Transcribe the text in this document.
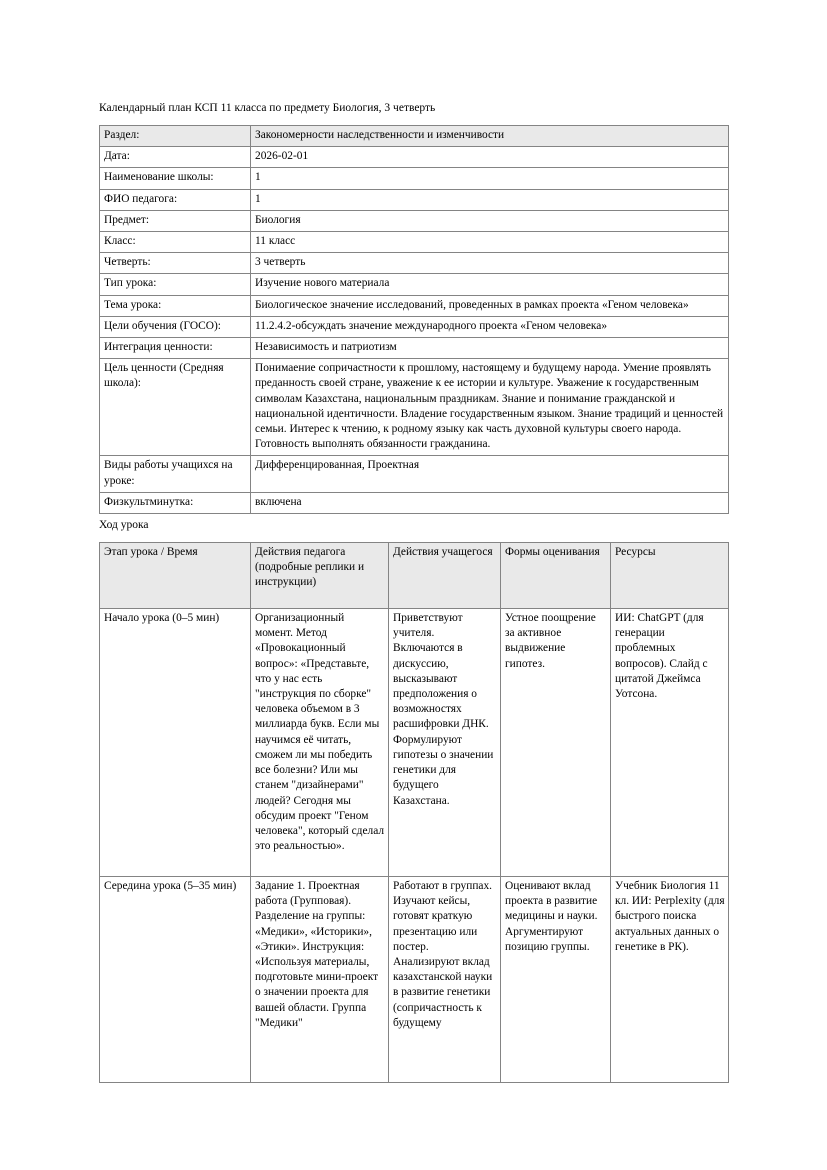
Календарный план КСП 11 класса по предмету Биология, 3 четверть

Раздел:	Закономерности наследственности и изменчивости
Дата:	2026-02-01
Наименование школы:	1
ФИО педагога:	1
Предмет:	Биология
Класс:	11 класс
Четверть:	3 четверть
Тип урока:	Изучение нового материала
Тема урока:	Биологическое значение исследований, проведенных в рамках проекта «Геном человека»
Цели обучения (ГОСО):	11.2.4.2-обсуждать значение международного проекта «Геном человека»
Интеграция ценности:	Независимость и патриотизм
Цель ценности (Средняя школа):	Понимаение сопричастности к прошлому, настоящему и будущему народа. Умение проявлять преданность своей стране, уважение к ее истории и культуре. Уважение к государственным символам Казахстана, национальным праздникам. Знание и понимание гражданской и национальной идентичности. Владение государственным языком. Знание традиций и ценностей семьи. Интерес к чтению, к родному языку как часть духовной культуры своего народа. Готовность выполнять обязанности гражданина.
Виды работы учащихся на уроке:	Дифференцированная, Проектная
Физкультминутка:	включена

Ход урока

Этап урока / Время	Действия педагога (подробные реплики и инструкции)	Действия учащегося	Формы оценивания	Ресурсы
Начало урока (0–5 мин)	Организационный момент. Метод «Провокационный вопрос»: «Представьте, что у нас есть "инструкция по сборке" человека объемом в 3 миллиарда букв. Если мы научимся её читать, сможем ли мы победить все болезни? Или мы станем "дизайнерами" людей? Сегодня мы обсудим проект "Геном человека", который сделал это реальностью».	Приветствуют учителя. Включаются в дискуссию, высказывают предположения о возможностях расшифровки ДНК. Формулируют гипотезы о значении генетики для будущего Казахстана.	Устное поощрение за активное выдвижение гипотез.	ИИ: ChatGPT (для генерации проблемных вопросов). Слайд с цитатой Джеймса Уотсона.
Середина урока (5–35 мин)	Задание 1. Проектная работа (Групповая). Разделение на группы: «Медики», «Историки», «Этики». Инструкция: «Используя материалы, подготовьте мини-проект о значении проекта для вашей области. Группа "Медики"	Работают в группах. Изучают кейсы, готовят краткую презентацию или постер. Анализируют вклад казахстанской науки в развитие генетики (сопричастность к будущему	Оценивают вклад проекта в развитие медицины и науки. Аргументируют позицию группы.	Учебник Биология 11 кл. ИИ: Perplexity (для быстрого поиска актуальных данных о генетике в РК).
